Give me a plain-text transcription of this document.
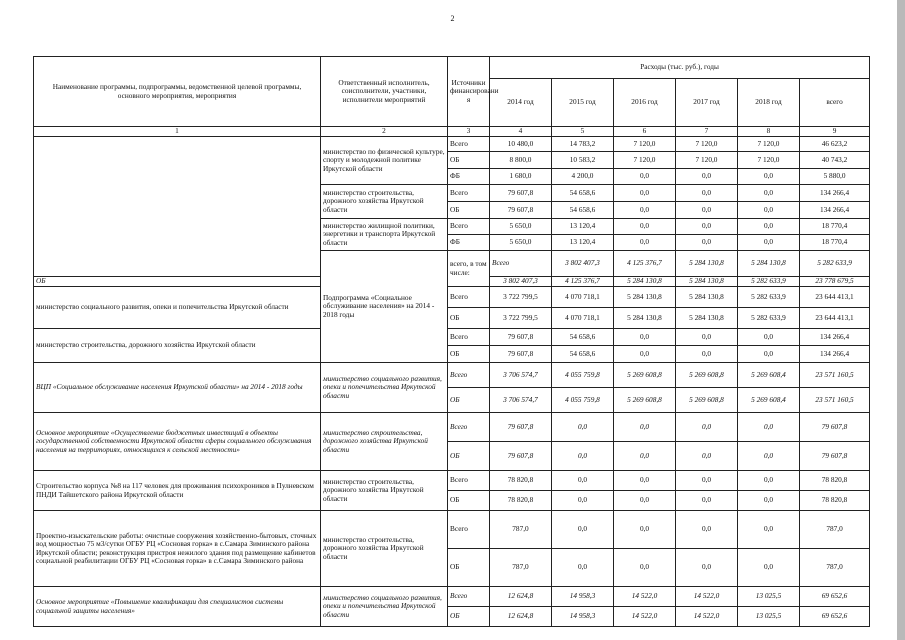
2
Наименование программы, подпрограммы, ведомственной целевой программы, основного мероприятия, мероприятия	Ответственный исполнитель, соисполнители, участники, исполнители мероприятий	Источники финансировани я	Расходы (тыс. руб.), годы						
			2014 год	2015 год	2016 год	2017 год	2018 год	всего	
1	2	3	4	5	6	7	8	9	
	министерство по физической культуре, спорту и молодежной политике Иркутской области	Всего	10 480,0	14 783,2	7 120,0	7 120,0	7 120,0	46 623,2	
		ОБ	8 800,0	10 583,2	7 120,0	7 120,0	7 120,0	40 743,2	
		ФБ	1 680,0	4 200,0	0,0	0,0	0,0	5 880,0	
	министерство строительства, дорожного хозяйства Иркутской области	Всего	79 607,8	54 658,6	0,0	0,0	0,0	134 266,4	
		ОБ	79 607,8	54 658,6	0,0	0,0	0,0	134 266,4	
	министерство жилищной политики, энергетики и транспорта Иркутской области	Всего	5 650,0	13 120,4	0,0	0,0	0,0	18 770,4	
		ФБ	5 650,0	13 120,4	0,0	0,0	0,0	18 770,4	
	Подпрограмма «Социальное обслуживание населения» на 2014 - 2018 годы	всего, в том числе:	Всего	3 802 407,3	4 125 376,7	5 284 130,8	5 284 130,8	5 282 633,9	
ОБ			3 802 407,3	4 125 376,7	5 284 130,8	5 284 130,8	5 282 633,9	23 778 679,5	
министерство социального развития, опеки и попечительства Иркутской области		Всего	3 722 799,5	4 070 718,1	5 284 130,8	5 284 130,8	5 282 633,9	23 644 413,1	
		ОБ	3 722 799,5	4 070 718,1	5 284 130,8	5 284 130,8	5 282 633,9	23 644 413,1	
министерство строительства, дорожного хозяйства Иркутской области		Всего	79 607,8	54 658,6	0,0	0,0	0,0	134 266,4	
		ОБ	79 607,8	54 658,6	0,0	0,0	0,0	134 266,4	
ВЦП «Социальное обслуживание населения Иркутской области» на 2014 - 2018 годы	министерство социального развития, опеки и попечительства Иркутской области	Всего	3 706 574,7	4 055 759,8	5 269 608,8	5 269 608,8	5 269 608,4	23 571 160,5	
		ОБ	3 706 574,7	4 055 759,8	5 269 608,8	5 269 608,8	5 269 608,4	23 571 160,5	
Основное мероприятие «Осуществление бюджетных инвестиций в объекты государственной собственности Иркутской области сферы социального обслуживания населения на территориях, относящихся к сельской местности»	министерство строительства, дорожного хозяйства Иркутской области	Всего	79 607,8	0,0	0,0	0,0	0,0	79 607,8	
		ОБ	79 607,8	0,0	0,0	0,0	0,0	79 607,8	
Строительство корпуса №8 на 117 человек для проживания психохроников в Пулневском ПНДИ Тайшетского района Иркутской области	министерство строительства, дорожного хозяйства Иркутской области	Всего	78 820,8	0,0	0,0	0,0	0,0	78 820,8	
		ОБ	78 820,8	0,0	0,0	0,0	0,0	78 820,8	
Проектно-изыскательские работы: очистные сооружения хозяйственно-бытовых, сточных вод мощностью 75 м3/сутки ОГБУ РЦ «Сосновая горка» в с.Самара Зиминского района Иркутской области; реконструкция пристроя нежилого здания под размещение кабинетов социальной реабилитации ОГБУ РЦ «Сосновая горка» в с.Самара Зиминского района	министерство строительства, дорожного хозяйства Иркутской области	Всего	787,0	0,0	0,0	0,0	0,0	787,0	
		ОБ	787,0	0,0	0,0	0,0	0,0	787,0	
Основное мероприятие «Повышение квалификации для специалистов системы социальной защиты населения»	министерство социального развития, опеки и попечительства Иркутской области	Всего	12 624,8	14 958,3	14 522,0	14 522,0	13 025,5	69 652,6	
		ОБ	12 624,8	14 958,3	14 522,0	14 522,0	13 025,5	69 652,6	
